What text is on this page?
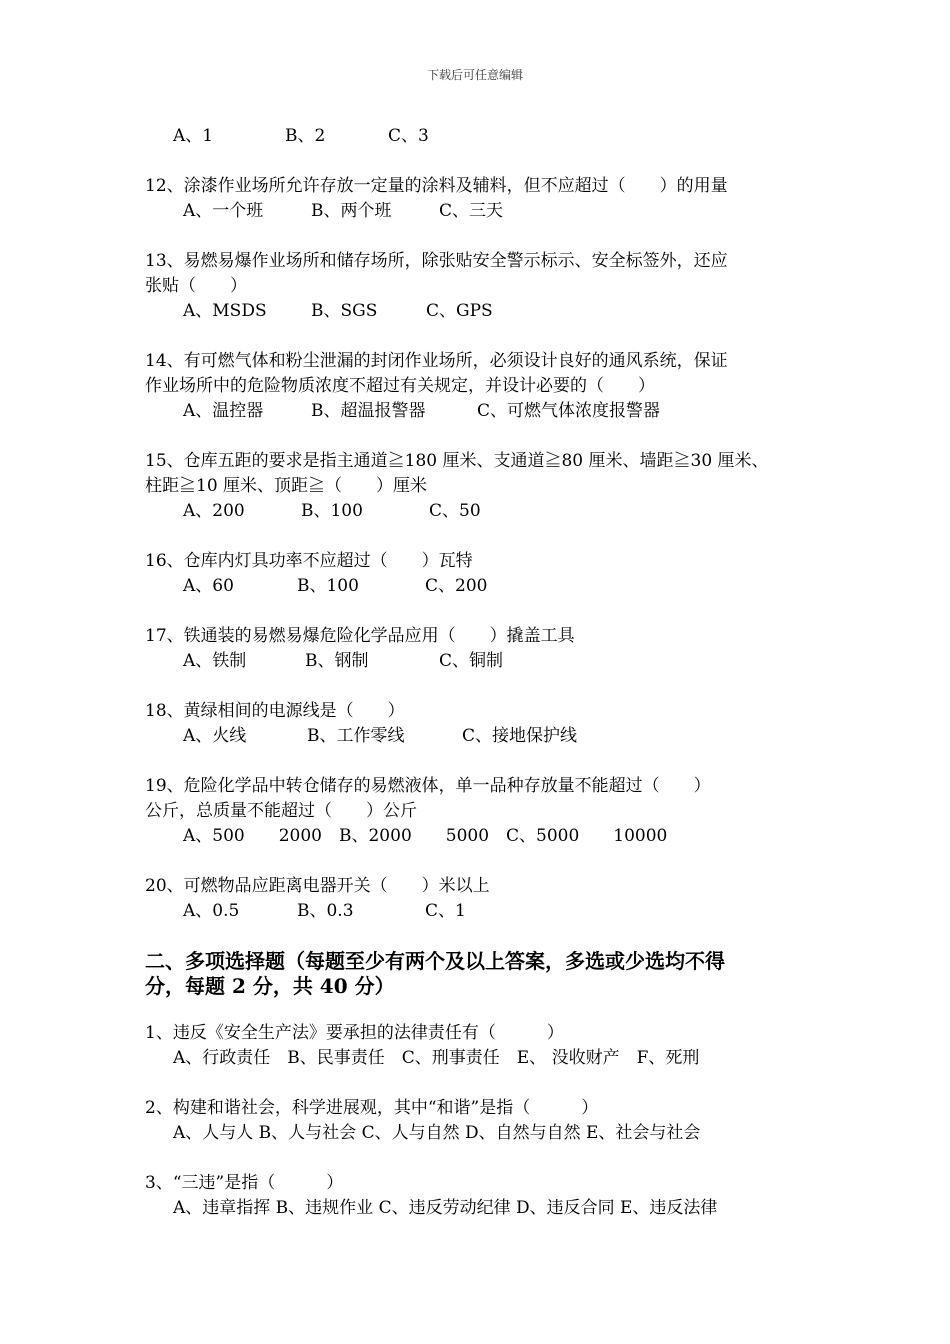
下载后可任意编辑
A、1	B、2	C、3
12、涂漆作业场所允许存放一定量的涂料及辅料，但不应超过（　　）的用量
A、一个班	B、两个班	C、三天
13、易燃易爆作业场所和储存场所，除张贴安全警示标示、安全标签外，还应
张贴（　　）
A、MSDS	B、SGS	C、GPS
14、有可燃气体和粉尘泄漏的封闭作业场所，必须设计良好的通风系统，保证
作业场所中的危险物质浓度不超过有关规定，并设计必要的（　　）
A、温控器	B、超温报警器	C、可燃气体浓度报警器
15、仓库五距的要求是指主通道≧180 厘米、支通道≧80 厘米、墙距≧30 厘米、
柱距≧10 厘米、顶距≧（　　）厘米
A、200	B、100	C、50
16、仓库内灯具功率不应超过（　　）瓦特
A、60	B、100	C、200
17、铁通装的易燃易爆危险化学品应用（　　）撬盖工具
A、铁制	B、钢制	C、铜制
18、黄绿相间的电源线是（　　）
A、火线	B、工作零线	C、接地保护线
19、危险化学品中转仓储存的易燃液体，单一品种存放量不能超过（　　）
公斤，总质量不能超过（　　）公斤
A、500　　2000 B、2000　　5000 C、5000　　10000
20、可燃物品应距离电器开关（　　）米以上
A、0.5	B、0.3	C、1
二、多项选择题（每题至少有两个及以上答案，多选或少选均不得
分，每题 2 分，共 40 分）
1、违反《安全生产法》要承担的法律责任有（　　　）
A、行政责任　B、民事责任　C、刑事责任　E、 没收财产　F、死刑
2、构建和谐社会，科学进展观，其中“和谐”是指（　　　）
A、人与人 B、人与社会 C、人与自然 D、自然与自然 E、社会与社会
3、“三违”是指（　　　）
A、违章指挥 B、违规作业 C、违反劳动纪律 D、违反合同 E、违反法律
